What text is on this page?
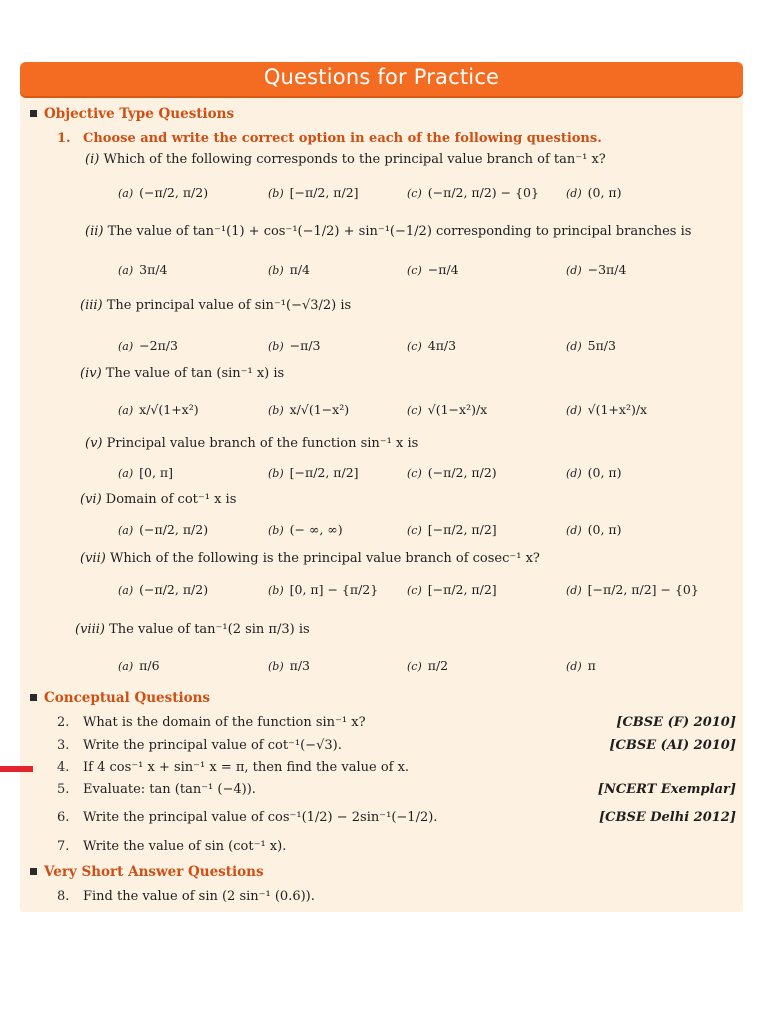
Questions for Practice
Objective Type Questions
1. Choose and write the correct option in each of the following questions.
(i) Which of the following corresponds to the principal value branch of tan⁻¹ x?
(a) (−π/2, π/2)	(b) [−π/2, π/2]	(c) (−π/2, π/2) − {0} (d) (0, π)
(ii) The value of tan⁻¹(1) + cos⁻¹(−1/2) + sin⁻¹(−1/2) corresponding to principal branches is
(a) 3π/4	(b) π/4	(c) −π/4	(d) −3π/4
(iii) The principal value of sin⁻¹(−√3/2) is
(a) −2π/3	(b) −π/3	(c) 4π/3	(d) 5π/3
(iv) The value of tan (sin⁻¹ x) is
(a) x/√(1+x²)	(b) x/√(1−x²)	(c) √(1−x²)/x	(d) √(1+x²)/x
(v) Principal value branch of the function sin⁻¹ x is
(a) [0, π]	(b) [−π/2, π/2]	(c) (−π/2, π/2)	(d) (0, π)
(vi) Domain of cot⁻¹ x is
(a) (−π/2, π/2)	(b) (− ∞, ∞)	(c) [−π/2, π/2]	(d) (0, π)
(vii) Which of the following is the principal value branch of cosec⁻¹ x?
(a) (−π/2, π/2)	(b) [0, π] − {π/2}	(c) [−π/2, π/2]	(d) [−π/2, π/2] − {0}
(viii) The value of tan⁻¹(2 sin π/3) is
(a) π/6	(b) π/3	(c) π/2	(d) π
Conceptual Questions
2. What is the domain of the function sin⁻¹ x?	[CBSE (F) 2010]
3. Write the principal value of cot⁻¹(−√3).	[CBSE (AI) 2010]
4. If 4 cos⁻¹ x + sin⁻¹ x = π, then find the value of x.
5. Evaluate: tan (tan⁻¹ (−4)).	[NCERT Exemplar]
6. Write the principal value of cos⁻¹(1/2) − 2sin⁻¹(−1/2).	[CBSE Delhi 2012]
7. Write the value of sin (cot⁻¹ x).
Very Short Answer Questions
8. Find the value of sin (2 sin⁻¹ (0.6)).
